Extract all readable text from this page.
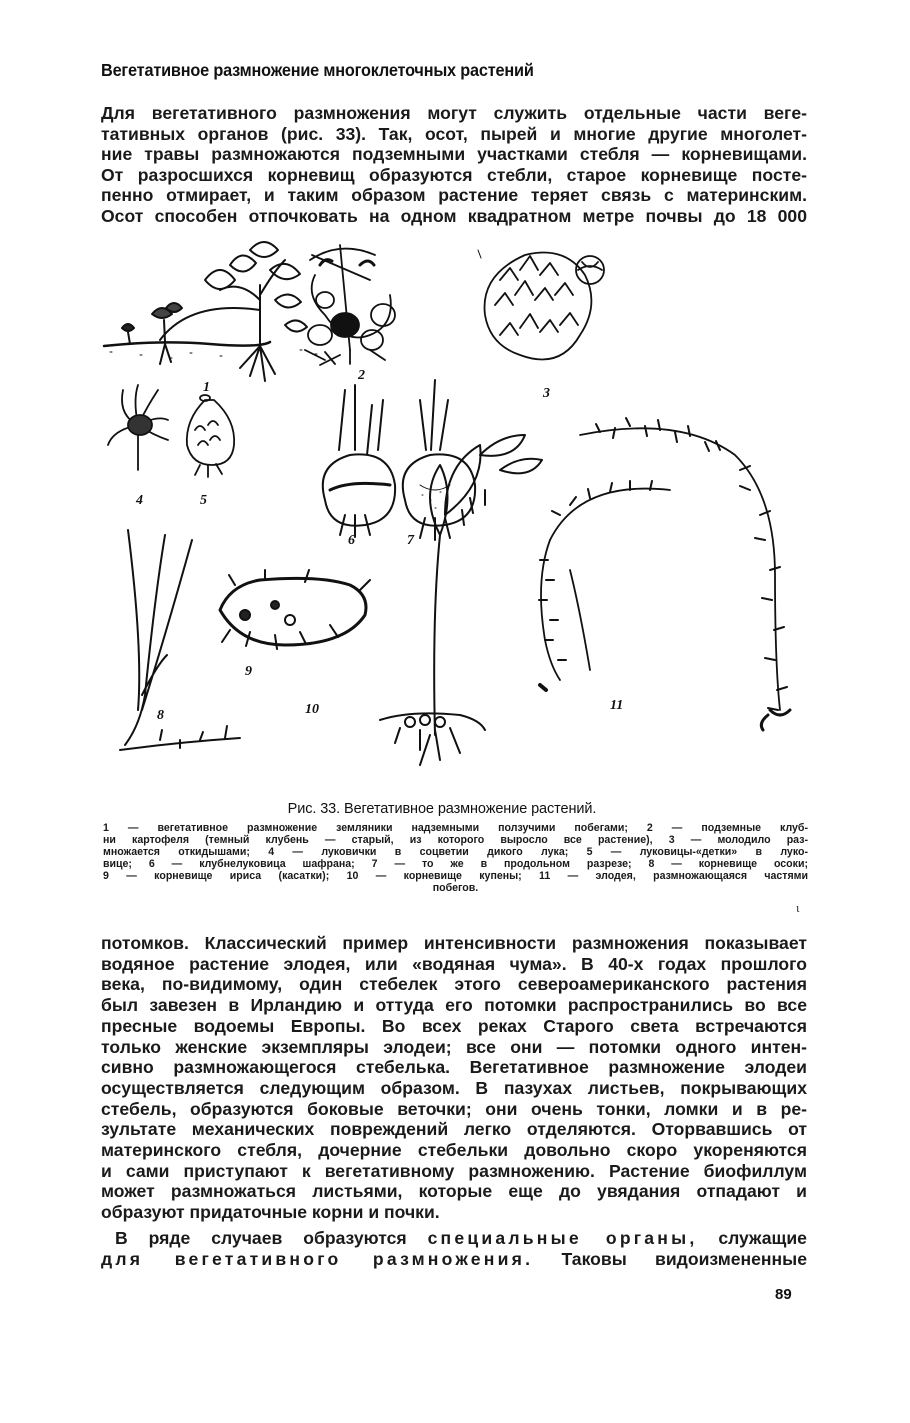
Вегетативное размножение многоклеточных растений
Для вегетативного размножения могут служить отдельные части веге-
тативных органов (рис. 33). Так, осот, пырей и многие другие многолет-
ние травы размножаются подземными участками стебля — корневищами.
От разросшихся корневищ образуются стебли, старое корневище посте-
пенно отмирает, и таким образом растение теряет связь с материнским.
Осот способен отпочковать на одном квадратном метре почвы до 18 000
1
2
3
4	5
6	7
8
9
10	11
Рис. 33. Вегетативное размножение растений.
1 — вегетативное размножение земляники надземными ползучими побегами; 2 — подземные клуб-
ни картофеля (темный клубень — старый, из которого выросло все растение), 3 — молодило раз-
множается откидышами; 4 — луковички в соцветии дикого лука; 5 — луковицы-«детки» в луко-
вице; 6 — клубнелуковица шафрана; 7 — то же в продольном разрезе; 8 — корневище осоки;
9 — корневище ириса (касатки); 10 — корневище купены; 11 — элодея, размножающаяся частями
побегов.
ɩ
потомков. Классический пример интенсивности размножения показывает
водяное растение элодея, или «водяная чума». В 40-х годах прошлого
века, по-видимому, один стебелек этого североамериканского растения
был завезен в Ирландию и оттуда его потомки распространились во все
пресные водоемы Европы. Во всех реках Старого света встречаются
только женские экземпляры элодеи; все они — потомки одного интен-
сивно размножающегося стебелька. Вегетативное размножение элодеи
осуществляется следующим образом. В пазухах листьев, покрывающих
стебель, образуются боковые веточки; они очень тонки, ломки и в ре-
зультате механических повреждений легко отделяются. Оторвавшись от
материнского стебля, дочерние стебельки довольно скоро укореняются
и сами приступают к вегетативному размножению. Растение биофиллум
может размножаться листьями, которые еще до увядания отпадают и
образуют придаточные корни и почки.
В ряде случаев образуются специальные органы, служащие
для вегетативного размножения. Таковы видоизмененные
89
